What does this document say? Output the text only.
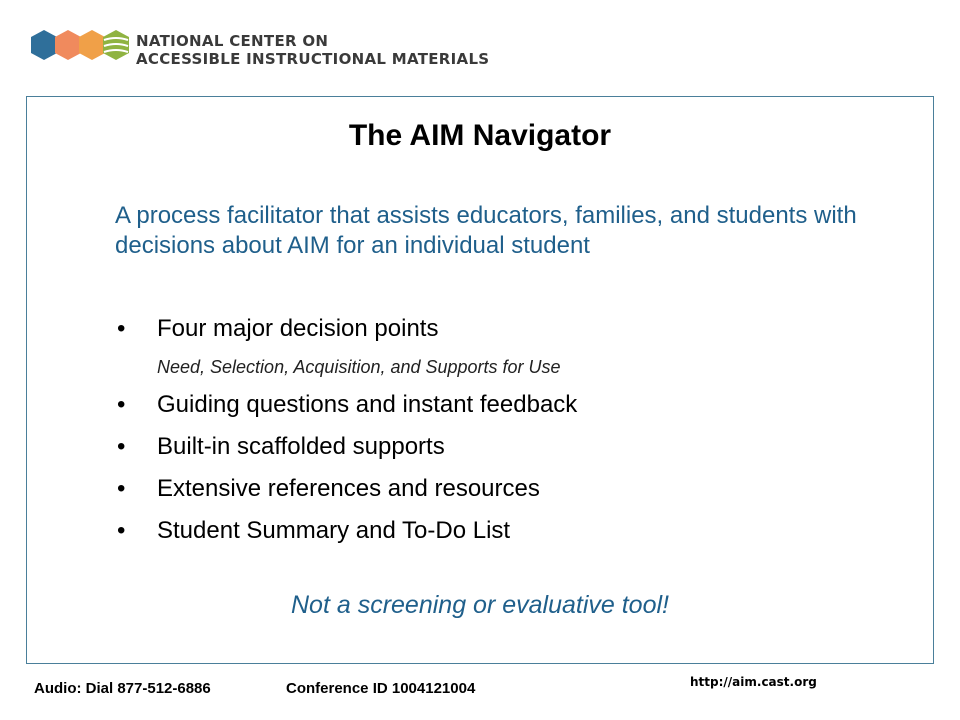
NATIONAL CENTER ON
ACCESSIBLE INSTRUCTIONAL MATERIALS
The AIM Navigator
A process facilitator that assists educators, families, and students with decisions about AIM for an individual student
• Four major decision points
Need, Selection, Acquisition, and Supports for Use
• Guiding questions and instant feedback
• Built-in scaffolded supports
• Extensive references and resources
• Student Summary and To-Do List
Not a screening or evaluative tool!
Audio: Dial 877-512-6886	Conference ID 1004121004	http://aim.cast.org
